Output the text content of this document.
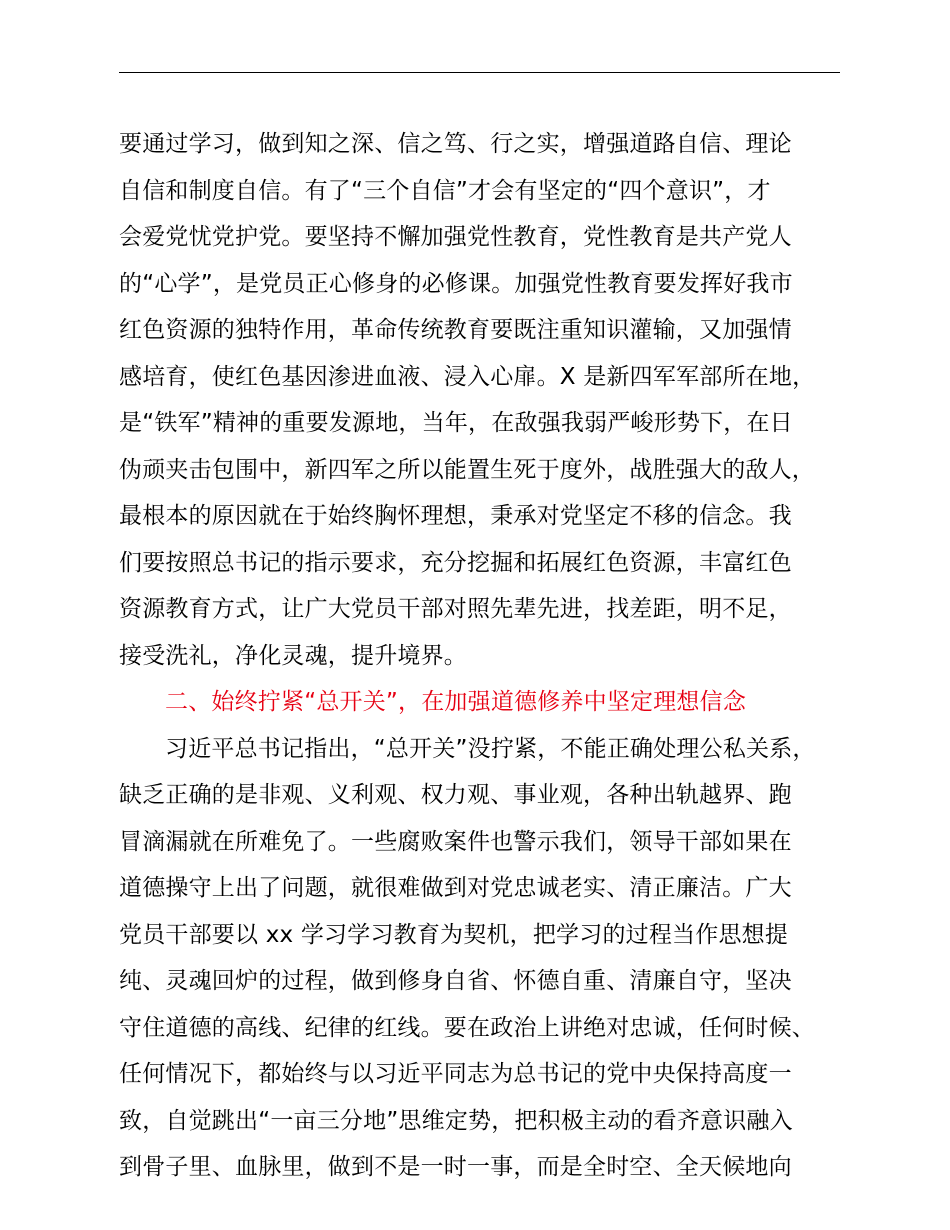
要通过学习，做到知之深、信之笃、行之实，增强道路自信、理论
自信和制度自信。有了“三个自信”才会有坚定的“四个意识”，才
会爱党忧党护党。要坚持不懈加强党性教育，党性教育是共产党人
的“心学”，是党员正心修身的必修课。加强党性教育要发挥好我市
红色资源的独特作用，革命传统教育要既注重知识灌输，又加强情
感培育，使红色基因渗进血液、浸入心扉。X 是新四军军部所在地，
是“铁军”精神的重要发源地，当年，在敌强我弱严峻形势下，在日
伪顽夹击包围中，新四军之所以能置生死于度外，战胜强大的敌人，
最根本的原因就在于始终胸怀理想，秉承对党坚定不移的信念。我
们要按照总书记的指示要求，充分挖掘和拓展红色资源，丰富红色
资源教育方式，让广大党员干部对照先辈先进，找差距，明不足，
接受洗礼，净化灵魂，提升境界。
二、始终拧紧“总开关”，在加强道德修养中坚定理想信念
习近平总书记指出，“总开关”没拧紧，不能正确处理公私关系，
缺乏正确的是非观、义利观、权力观、事业观，各种出轨越界、跑
冒滴漏就在所难免了。一些腐败案件也警示我们，领导干部如果在
道德操守上出了问题，就很难做到对党忠诚老实、清正廉洁。广大
党员干部要以 xx 学习学习教育为契机，把学习的过程当作思想提
纯、灵魂回炉的过程，做到修身自省、怀德自重、清廉自守，坚决
守住道德的高线、纪律的红线。要在政治上讲绝对忠诚，任何时候、
任何情况下，都始终与以习近平同志为总书记的党中央保持高度一
致，自觉跳出“一亩三分地”思维定势，把积极主动的看齐意识融入
到骨子里、血脉里，做到不是一时一事，而是全时空、全天候地向
